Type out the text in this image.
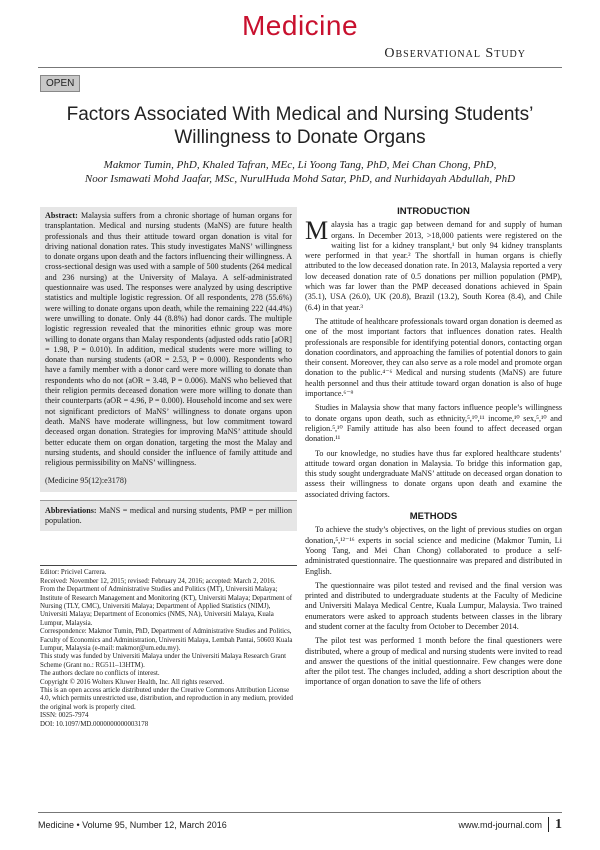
Medicine
Observational Study
OPEN
Factors Associated With Medical and Nursing Students’ Willingness to Donate Organs
Makmor Tumin, PhD, Khaled Tafran, MEc, Li Yoong Tang, PhD, Mei Chan Chong, PhD,
Noor Ismawati Mohd Jaafar, MSc, NurulHuda Mohd Satar, PhD, and Nurhidayah Abdullah, PhD

Abstract: Malaysia suffers from a chronic shortage of human organs for transplantation. Medical and nursing students (MaNS) are future health professionals and thus their attitude toward organ donation is vital for driving national donation rates. This study investigates MaNS’ willingness to donate organs upon death and the factors influencing their willingness. A cross-sectional design was used with a sample of 500 students (264 medical and 236 nursing) at the University of Malaya. A self-administrated questionnaire was used. The responses were analyzed by using descriptive statistics and multiple logistic regression. Of all respondents, 278 (55.6%) were willing to donate organs upon death, while the remaining 222 (44.4%) were unwilling to donate. Only 44 (8.8%) had donor cards. The multiple logistic regression revealed that the minorities ethnic group was more willing to donate organs than Malay respondents (adjusted odds ratio [aOR] = 1.98, P = 0.010). In addition, medical students were more willing to donate than nursing students (aOR = 2.53, P = 0.000). Respondents who have a family member with a donor card were more willing to donate than respondents who do not (aOR = 3.48, P = 0.006). MaNS who believed that their religion permits deceased donation were more willing to donate than their counterparts (aOR = 4.96, P = 0.000). Household income and sex were not significant predictors of MaNS’ willingness to donate organs upon death. MaNS have moderate willingness, but low commitment toward deceased organ donation. Strategies for improving MaNS’ attitude should better educate them on organ donation, targeting the most the Malay and nursing students, and should consider the influence of family attitude and religious permissibility on MaNS’ willingness.

(Medicine 95(12):e3178)

Abbreviations: MaNS = medical and nursing students, PMP = per million population.

Editor: Pricivel Carrera.

Received: November 12, 2015; revised: February 24, 2016; accepted: March 2, 2016.

From the Department of Administrative Studies and Politics (MT), Universiti Malaya; Institute of Research Management and Monitoring (KT), Universiti Malaya; Department of Nursing (TLY, CMC), Universiti Malaya; Department of Applied Statistics (NIMJ), Universiti Malaya; Department of Economics (NMS, NA), Universiti Malaya, Kuala Lumpur, Malaysia.

Correspondence: Makmor Tumin, PhD, Department of Administrative Studies and Politics, Faculty of Economics and Administration, Universiti Malaya, Lembah Pantai, 50603 Kuala Lumpur, Malaysia (e-mail: makmor@um.edu.my).

This study was funded by Universiti Malaya under the Universiti Malaya Research Grant Scheme (Grant no.: RG511–13HTM).

The authors declare no conflicts of interest.

Copyright © 2016 Wolters Kluwer Health, Inc. All rights reserved.

This is an open access article distributed under the Creative Commons Attribution License 4.0, which permits unrestricted use, distribution, and reproduction in any medium, provided the original work is properly cited.

ISSN: 0025-7974

DOI: 10.1097/MD.0000000000003178

INTRODUCTION

Malaysia has a tragic gap between demand for and supply of human organs. In December 2013, >18,000 patients were registered on the waiting list for a kidney transplant,¹ but only 94 kidney transplants were performed in that year.² The shortfall in human organs is chiefly attributed to the low deceased donation rate. In 2013, Malaysia reported a very low deceased donation rate of 0.5 donations per million population (PMP), which was far lower than the PMP deceased donations achieved in Spain (35.1), USA (26.0), UK (20.8), Brazil (13.2), South Korea (8.4), and Chile (6.4) in that year.³

The attitude of healthcare professionals toward organ donation is deemed as one of the most important factors that influences donation rates. Health professionals are responsible for identifying potential donors, contacting organ donation coordinators, and approaching the families of potential donors to gain their consent. Moreover, they can also serve as a role model and promote organ donation to the public.⁴⁻⁶ Medical and nursing students (MaNS) are future health personnel and thus their attitude toward organ donation is also of huge importance.⁶⁻⁹

Studies in Malaysia show that many factors influence people’s willingness to donate organs upon death, such as ethnicity,⁵,¹⁰,¹¹ income,¹⁰ sex,⁵,¹⁰ and religion.⁵,¹⁰ Family attitude has also been found to affect deceased organ donation.¹¹

To our knowledge, no studies have thus far explored healthcare students’ attitude toward organ donation in Malaysia. To bridge this information gap, this study sought undergraduate MaNS’ attitude on deceased organ donation to assess their willingness to donate organs upon death and examine the associated driving factors.

METHODS

To achieve the study’s objectives, on the light of previous studies on organ donation,⁵,¹²⁻¹⁶ experts in social science and medicine (Makmor Tumin, Li Yoong Tang, and Mei Chan Chong) collaborated to produce a self-administrated questionnaire. The questionnaire was prepared and distributed in English.

The questionnaire was pilot tested and revised and the final version was printed and distributed to undergraduate students at the Faculty of Medicine and Universiti Malaya Medical Centre, Kuala Lumpur, Malaysia. Two trained enumerators were asked to approach students between classes in the library and student corner at the faculty from October to December 2014.

The pilot test was performed 1 month before the final questioners were distributed, where a group of medical and nursing students were invited to read and answer the questions of the initial questionnaire. Few changes were done after the pilot test. The changes included, adding a short description about the importance of organ donation to save the life of others

Medicine • Volume 95, Number 12, March 2016	www.md-journal.com 1
